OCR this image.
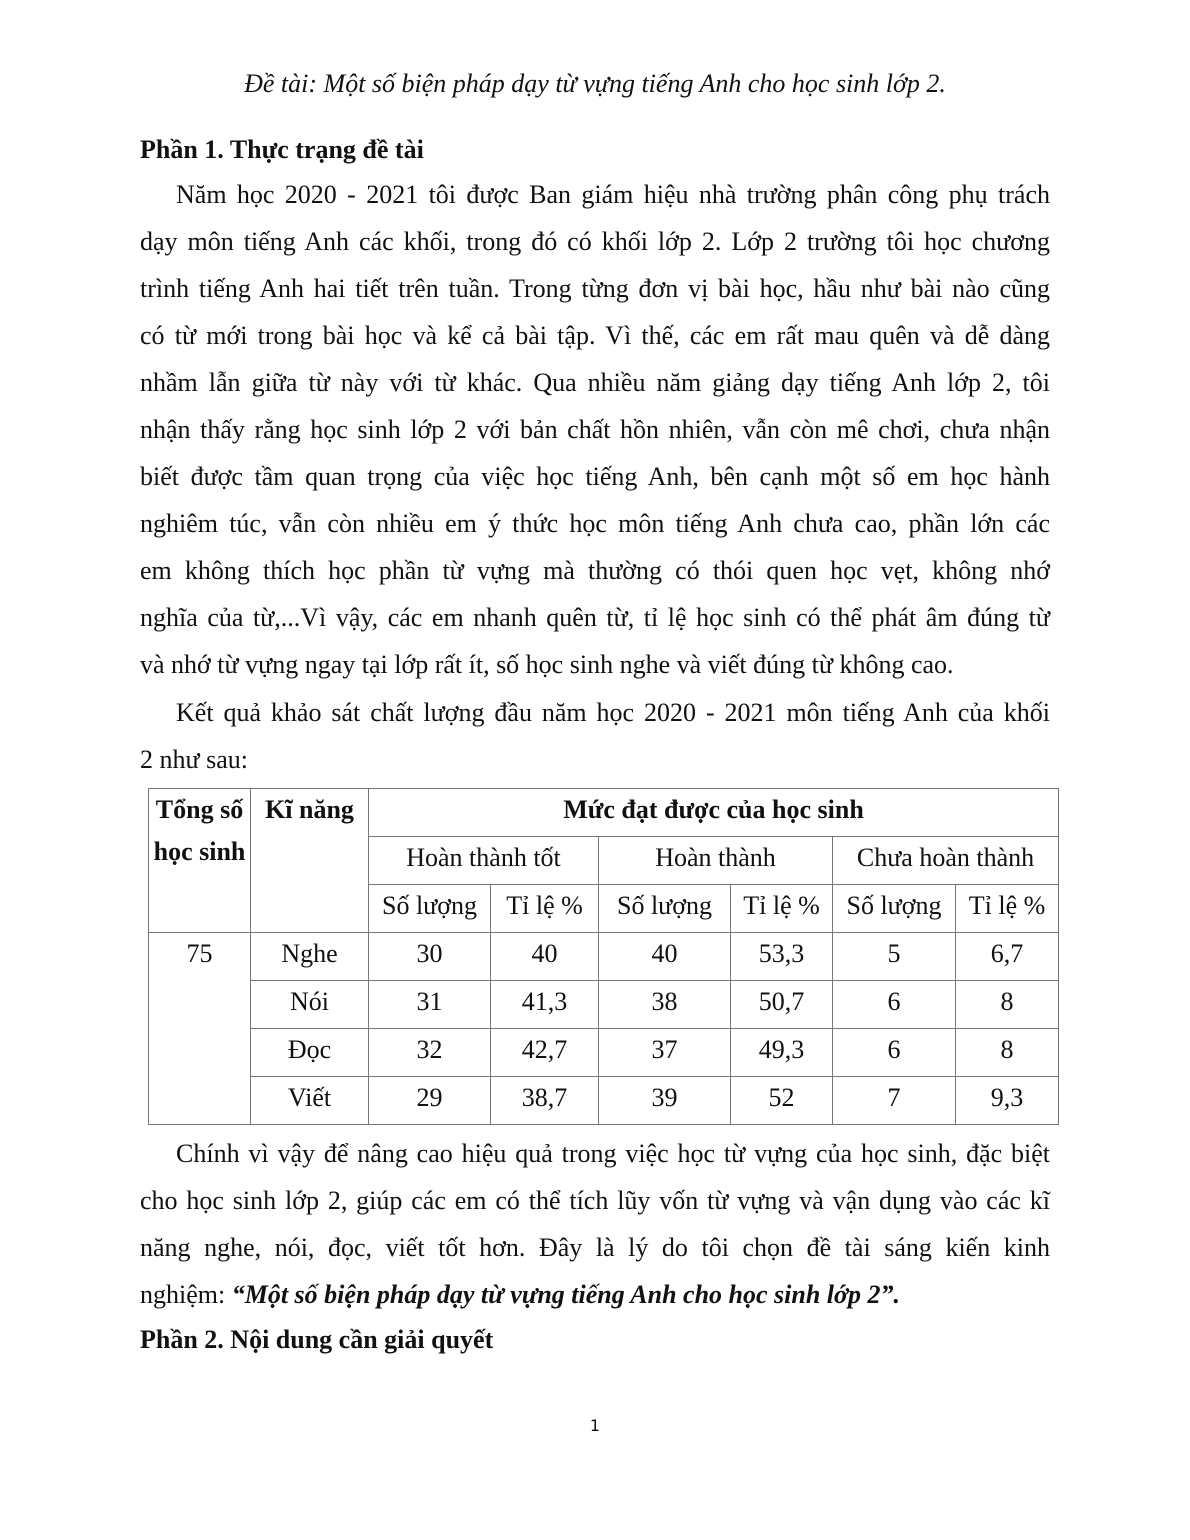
Đề tài: Một số biện pháp dạy từ vựng tiếng Anh cho học sinh lớp 2.
Phần 1. Thực trạng đề tài
Năm học 2020 - 2021 tôi được Ban giám hiệu nhà trường phân công phụ trách
dạy môn tiếng Anh các khối, trong đó có khối lớp 2. Lớp 2 trường tôi học chương
trình tiếng Anh hai tiết trên tuần. Trong từng đơn vị bài học, hầu như bài nào cũng
có từ mới trong bài học và kể cả bài tập. Vì thế, các em rất mau quên và dễ dàng
nhầm lẫn giữa từ này với từ khác. Qua nhiều năm giảng dạy tiếng Anh lớp 2, tôi
nhận thấy rằng học sinh lớp 2 với bản chất hồn nhiên, vẫn còn mê chơi, chưa nhận
biết được tầm quan trọng của việc học tiếng Anh, bên cạnh một số em học hành
nghiêm túc, vẫn còn nhiều em ý thức học môn tiếng Anh chưa cao, phần lớn các
em không thích học phần từ vựng mà thường có thói quen học vẹt, không nhớ
nghĩa của từ,...Vì vậy, các em nhanh quên từ, tỉ lệ học sinh có thể phát âm đúng từ
và nhớ từ vựng ngay tại lớp rất ít, số học sinh nghe và viết đúng từ không cao.
Kết quả khảo sát chất lượng đầu năm học 2020 - 2021 môn tiếng Anh của khối
2 như sau:
Tổng số
học sinh	Kĩ năng	Mức đạt được của học sinh					
		Hoàn thành tốt		Hoàn thành		Chưa hoàn thành	
		Số lượng	Tỉ lệ %	Số lượng	Tỉ lệ %	Số lượng	Tỉ lệ %
75	Nghe	30	40	40	53,3	5	6,7
	Nói	31	41,3	38	50,7	6	8
	Đọc	32	42,7	37	49,3	6	8
	Viết	29	38,7	39	52	7	9,3
Chính vì vậy để nâng cao hiệu quả trong việc học từ vựng của học sinh, đặc biệt
cho học sinh lớp 2, giúp các em có thể tích lũy vốn từ vựng và vận dụng vào các kĩ
năng nghe, nói, đọc, viết tốt hơn. Đây là lý do tôi chọn đề tài sáng kiến kinh
nghiệm: “Một số biện pháp dạy từ vựng tiếng Anh cho học sinh lớp 2”.
Phần 2. Nội dung cần giải quyết
1
